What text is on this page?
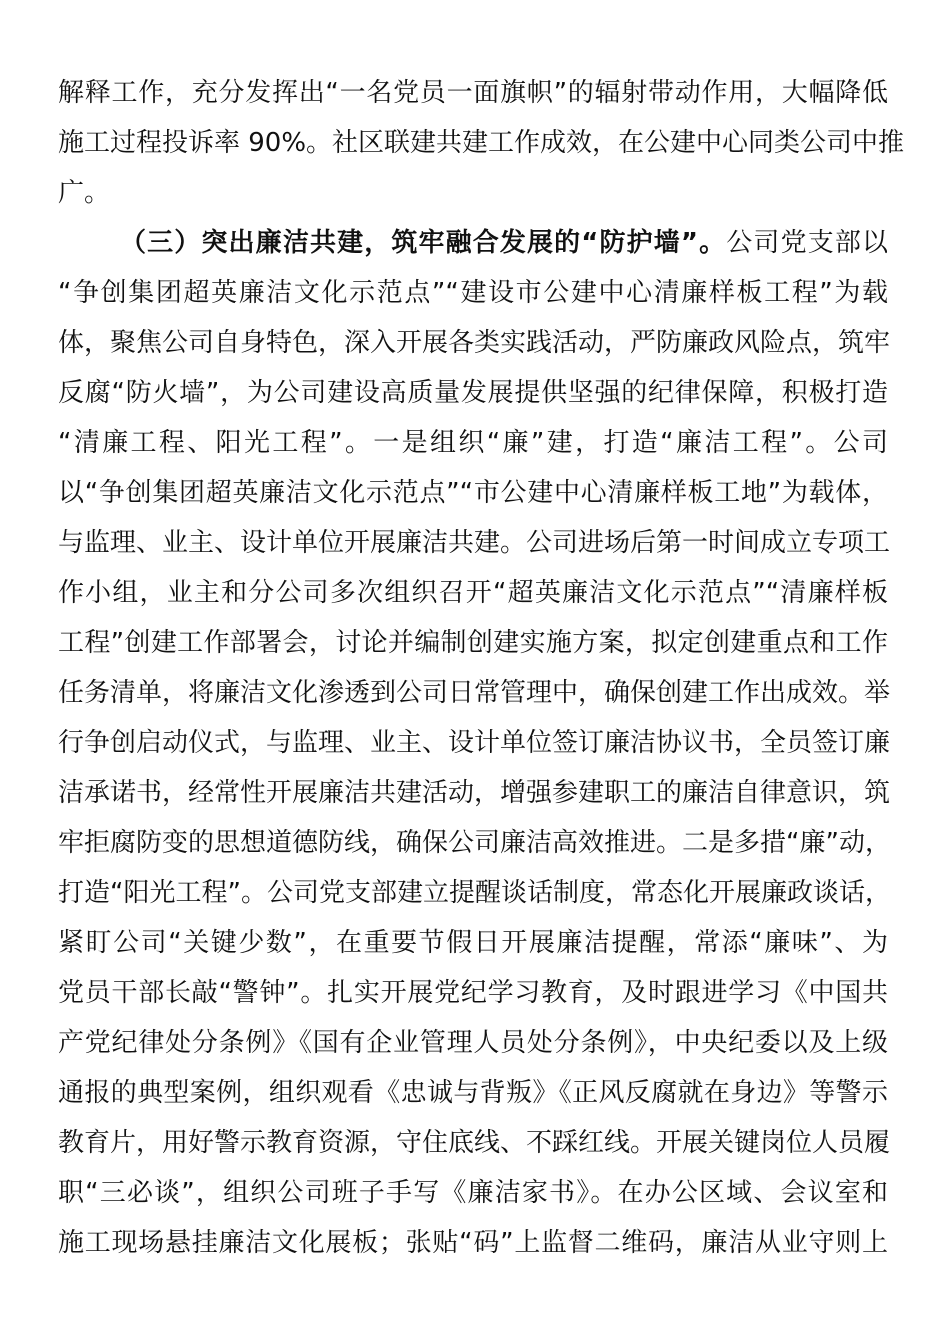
解释工作，充分发挥出“一名党员一面旗帜”的辐射带动作用，大幅降低
施工过程投诉率 90%。社区联建共建工作成效，在公建中心同类公司中推
广。
（三）突出廉洁共建，筑牢融合发展的“防护墙”。公司党支部以
“争创集团超英廉洁文化示范点”“建设市公建中心清廉样板工程”为载
体，聚焦公司自身特色，深入开展各类实践活动，严防廉政风险点，筑牢
反腐“防火墙”，为公司建设高质量发展提供坚强的纪律保障，积极打造
“清廉工程、阳光工程”。一是组织“廉”建，打造“廉洁工程”。公司
以“争创集团超英廉洁文化示范点”“市公建中心清廉样板工地”为载体，
与监理、业主、设计单位开展廉洁共建。公司进场后第一时间成立专项工
作小组，业主和分公司多次组织召开“超英廉洁文化示范点”“清廉样板
工程”创建工作部署会，讨论并编制创建实施方案，拟定创建重点和工作
任务清单，将廉洁文化渗透到公司日常管理中，确保创建工作出成效。举
行争创启动仪式，与监理、业主、设计单位签订廉洁协议书，全员签订廉
洁承诺书，经常性开展廉洁共建活动，增强参建职工的廉洁自律意识，筑
牢拒腐防变的思想道德防线，确保公司廉洁高效推进。二是多措“廉”动，
打造“阳光工程”。公司党支部建立提醒谈话制度，常态化开展廉政谈话，
紧盯公司“关键少数”，在重要节假日开展廉洁提醒，常添“廉味”、为
党员干部长敲“警钟”。扎实开展党纪学习教育，及时跟进学习《中国共
产党纪律处分条例》《国有企业管理人员处分条例》，中央纪委以及上级
通报的典型案例，组织观看《忠诚与背叛》《正风反腐就在身边》等警示
教育片，用好警示教育资源，守住底线、不踩红线。开展关键岗位人员履
职“三必谈”，组织公司班子手写《廉洁家书》。在办公区域、会议室和
施工现场悬挂廉洁文化展板；张贴“码”上监督二维码，廉洁从业守则上
